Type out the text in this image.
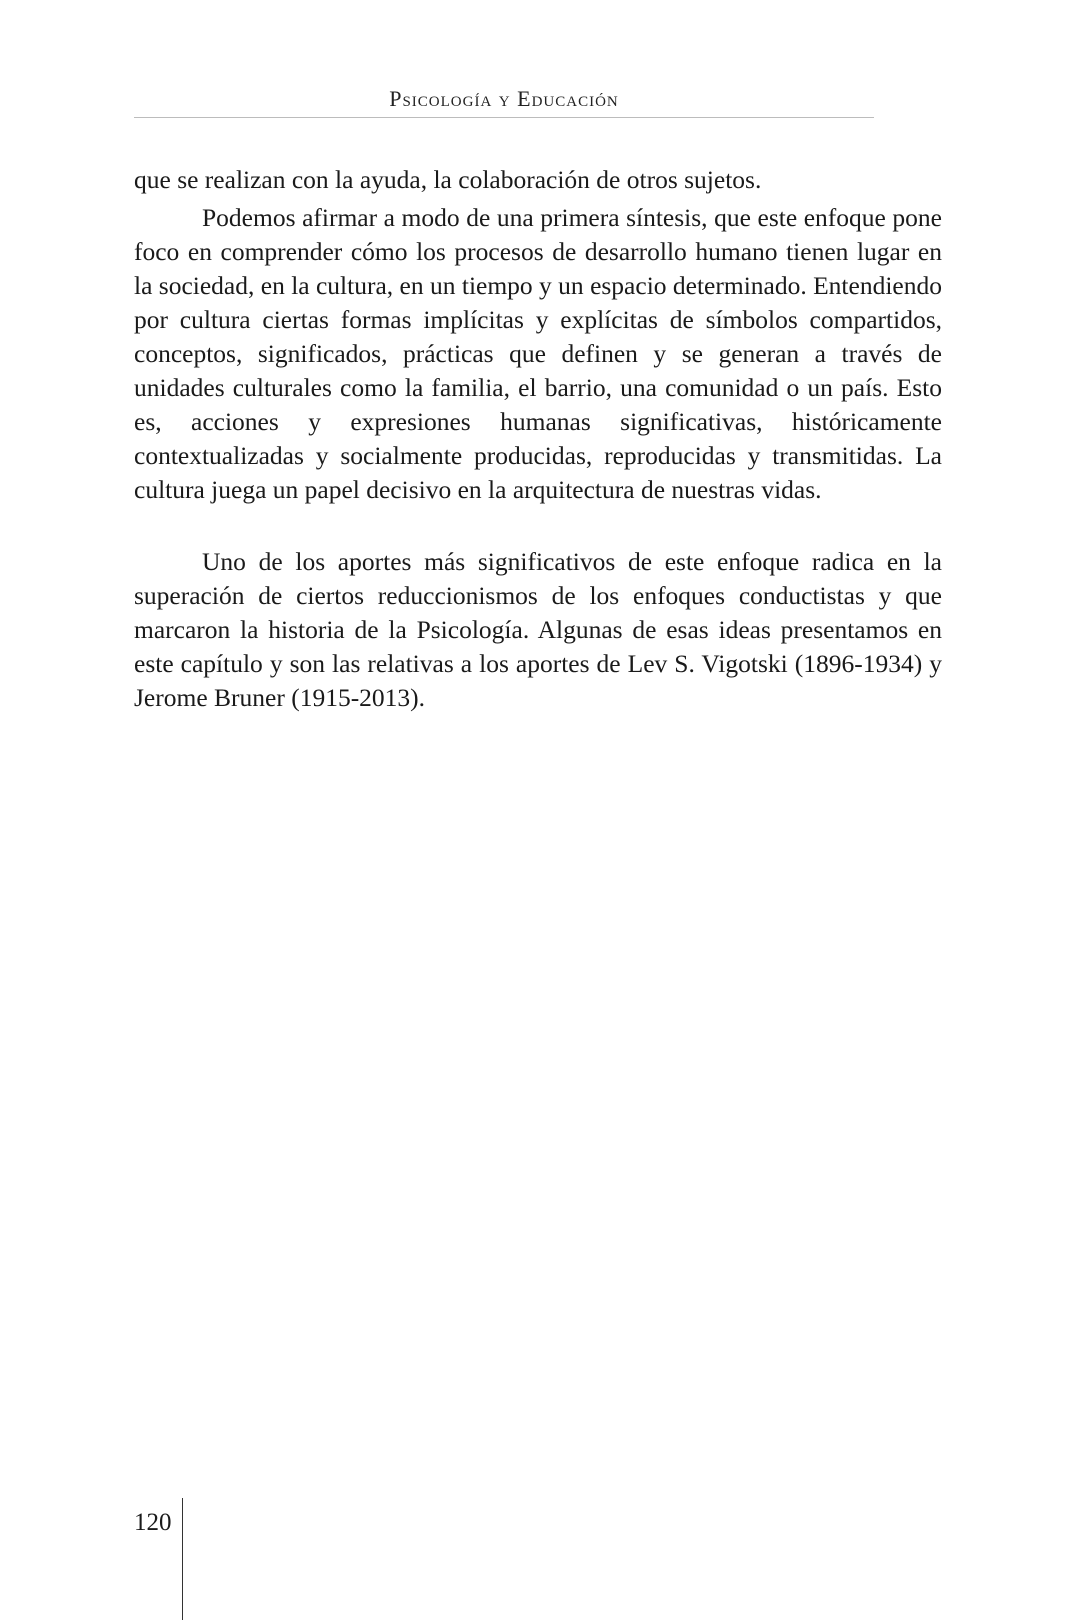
Psicología y Educación

que se realizan con la ayuda, la colaboración de otros sujetos.

Podemos afirmar a modo de una primera síntesis, que este enfoque pone foco en comprender cómo los procesos de desarrollo humano tienen lugar en la sociedad, en la cultura, en un tiempo y un espacio determinado. Entendiendo por cultura ciertas formas implícitas y explícitas de símbolos compartidos, conceptos, significados, prácticas que definen y se generan a través de unidades culturales como la familia, el barrio, una comunidad o un país. Esto es, acciones y expresiones humanas significativas, históricamente contextualizadas y socialmente producidas, reproducidas y transmitidas. La cultura juega un papel decisivo en la arquitectura de nuestras vidas.

Uno de los aportes más significativos de este enfoque radica en la superación de ciertos reduccionismos de los enfoques conductistas y que marcaron la historia de la Psicología. Algunas de esas ideas presentamos en este capítulo y son las relativas a los aportes de Lev S. Vigotski (1896-1934) y Jerome Bruner (1915-2013).

120
